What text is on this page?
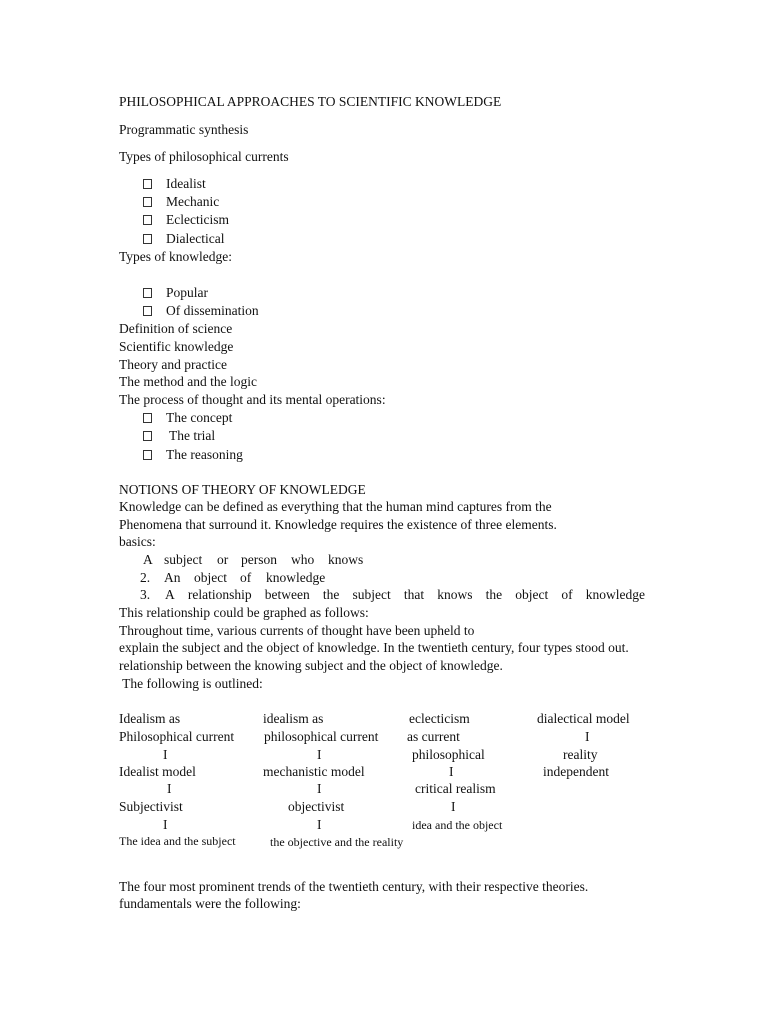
PHILOSOPHICAL APPROACHES TO SCIENTIFIC KNOWLEDGE
Programmatic synthesis
Types of philosophical currents
Idealist
Mechanic
Eclecticism
Dialectical
Types of knowledge:
Popular
Of dissemination
Definition of science
Scientific knowledge
Theory and practice
The method and the logic
The process of thought and its mental operations:
The concept
The trial
The reasoning
NOTIONS OF THEORY OF KNOWLEDGE
Knowledge can be defined as everything that the human mind captures from the
Phenomena that surround it. Knowledge requires the existence of three elements.
basics:
A subject or person who knows
2. An object of knowledge
3. A relationship between the subject that knows the object of knowledge
This relationship could be graphed as follows:
Throughout time, various currents of thought have been upheld to
explain the subject and the object of knowledge. In the twentieth century, four types stood out.
relationship between the knowing subject and the object of knowledge.
The following is outlined:
Idealism as
Philosophical current
I
Idealist model
I
Subjectivist
I
The idea and the subject
idealism as
philosophical current
I
mechanistic model
I
objectivist
I
the objective and the reality
eclecticism
as current
philosophical
I
critical realism
I
idea and the object
dialectical model
I
reality
independent
The four most prominent trends of the twentieth century, with their respective theories.
fundamentals were the following:
